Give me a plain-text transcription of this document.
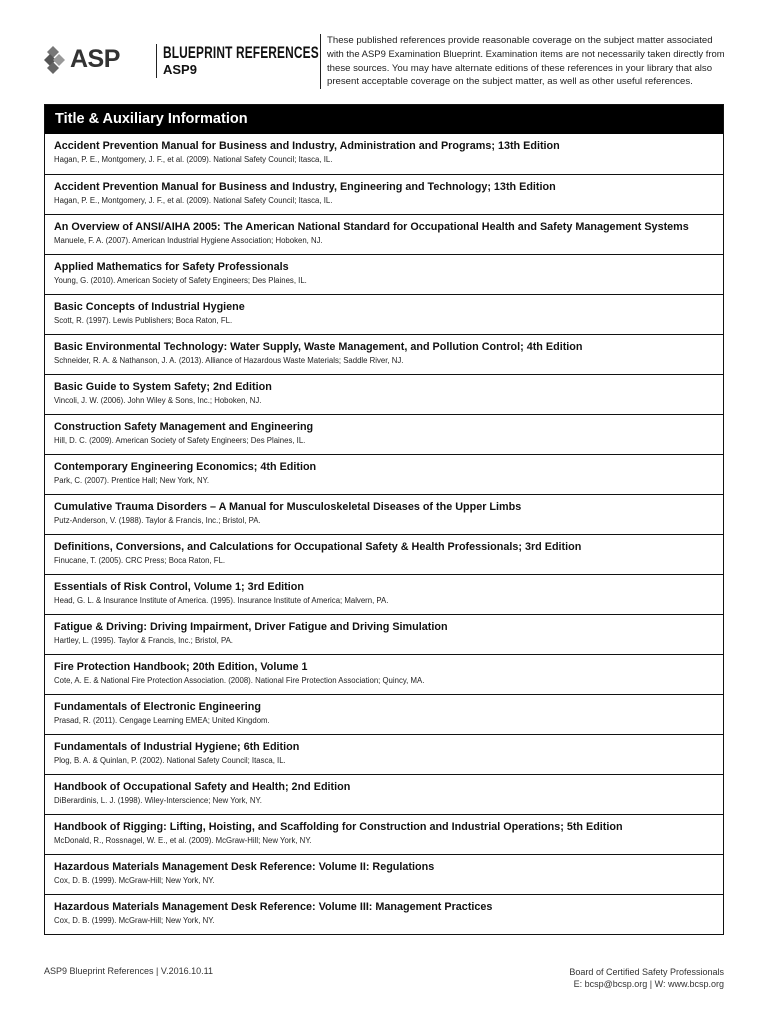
ASP	BLUEPRINT REFERENCES
ASP9
These published references provide reasonable coverage on the subject matter associated
with the ASP9 Examination Blueprint. Examination items are not necessarily taken directly from
these sources. You may have alternate editions of these references in your library that also
present acceptable coverage on the subject matter, as well as other useful references.
Title & Auxiliary Information
Accident Prevention Manual for Business and Industry, Administration and Programs; 13th Edition
Hagan, P. E., Montgomery, J. F., et al. (2009). National Safety Council; Itasca, IL.
Accident Prevention Manual for Business and Industry, Engineering and Technology; 13th Edition
Hagan, P. E., Montgomery, J. F., et al. (2009). National Safety Council; Itasca, IL.
An Overview of ANSI/AIHA 2005: The American National Standard for Occupational Health and Safety Management Systems
Manuele, F. A. (2007). American Industrial Hygiene Association; Hoboken, NJ.
Applied Mathematics for Safety Professionals
Young, G. (2010). American Society of Safety Engineers; Des Plaines, IL.
Basic Concepts of Industrial Hygiene
Scott, R. (1997). Lewis Publishers; Boca Raton, FL.
Basic Environmental Technology: Water Supply, Waste Management, and Pollution Control; 4th Edition
Schneider, R. A. & Nathanson, J. A. (2013). Alliance of Hazardous Waste Materials; Saddle River, NJ.
Basic Guide to System Safety; 2nd Edition
Vincoli, J. W. (2006). John Wiley & Sons, Inc.; Hoboken, NJ.
Construction Safety Management and Engineering
Hill, D. C. (2009). American Society of Safety Engineers; Des Plaines, IL.
Contemporary Engineering Economics; 4th Edition
Park, C. (2007). Prentice Hall; New York, NY.
Cumulative Trauma Disorders – A Manual for Musculoskeletal Diseases of the Upper Limbs
Putz-Anderson, V. (1988). Taylor & Francis, Inc.; Bristol, PA.
Definitions, Conversions, and Calculations for Occupational Safety & Health Professionals; 3rd Edition
Finucane, T. (2005). CRC Press; Boca Raton, FL.
Essentials of Risk Control, Volume 1; 3rd Edition
Head, G. L. & Insurance Institute of America. (1995). Insurance Institute of America; Malvern, PA.
Fatigue & Driving: Driving Impairment, Driver Fatigue and Driving Simulation
Hartley, L. (1995). Taylor & Francis, Inc.; Bristol, PA.
Fire Protection Handbook; 20th Edition, Volume 1
Cote, A. E. & National Fire Protection Association. (2008). National Fire Protection Association; Quincy, MA.
Fundamentals of Electronic Engineering
Prasad, R. (2011). Cengage Learning EMEA; United Kingdom.
Fundamentals of Industrial Hygiene; 6th Edition
Plog, B. A. & Quinlan, P. (2002). National Safety Council; Itasca, IL.
Handbook of Occupational Safety and Health; 2nd Edition
DiBerardinis, L. J. (1998). Wiley-Interscience; New York, NY.
Handbook of Rigging: Lifting, Hoisting, and Scaffolding for Construction and Industrial Operations; 5th Edition
McDonald, R., Rossnagel, W. E., et al. (2009). McGraw-Hill; New York, NY.
Hazardous Materials Management Desk Reference: Volume II: Regulations
Cox, D. B. (1999). McGraw-Hill; New York, NY.
Hazardous Materials Management Desk Reference: Volume III: Management Practices
Cox, D. B. (1999). McGraw-Hill; New York, NY.
ASP9 Blueprint References | V.2016.10.11	Board of Certified Safety Professionals
E: bcsp@bcsp.org | W: www.bcsp.org
